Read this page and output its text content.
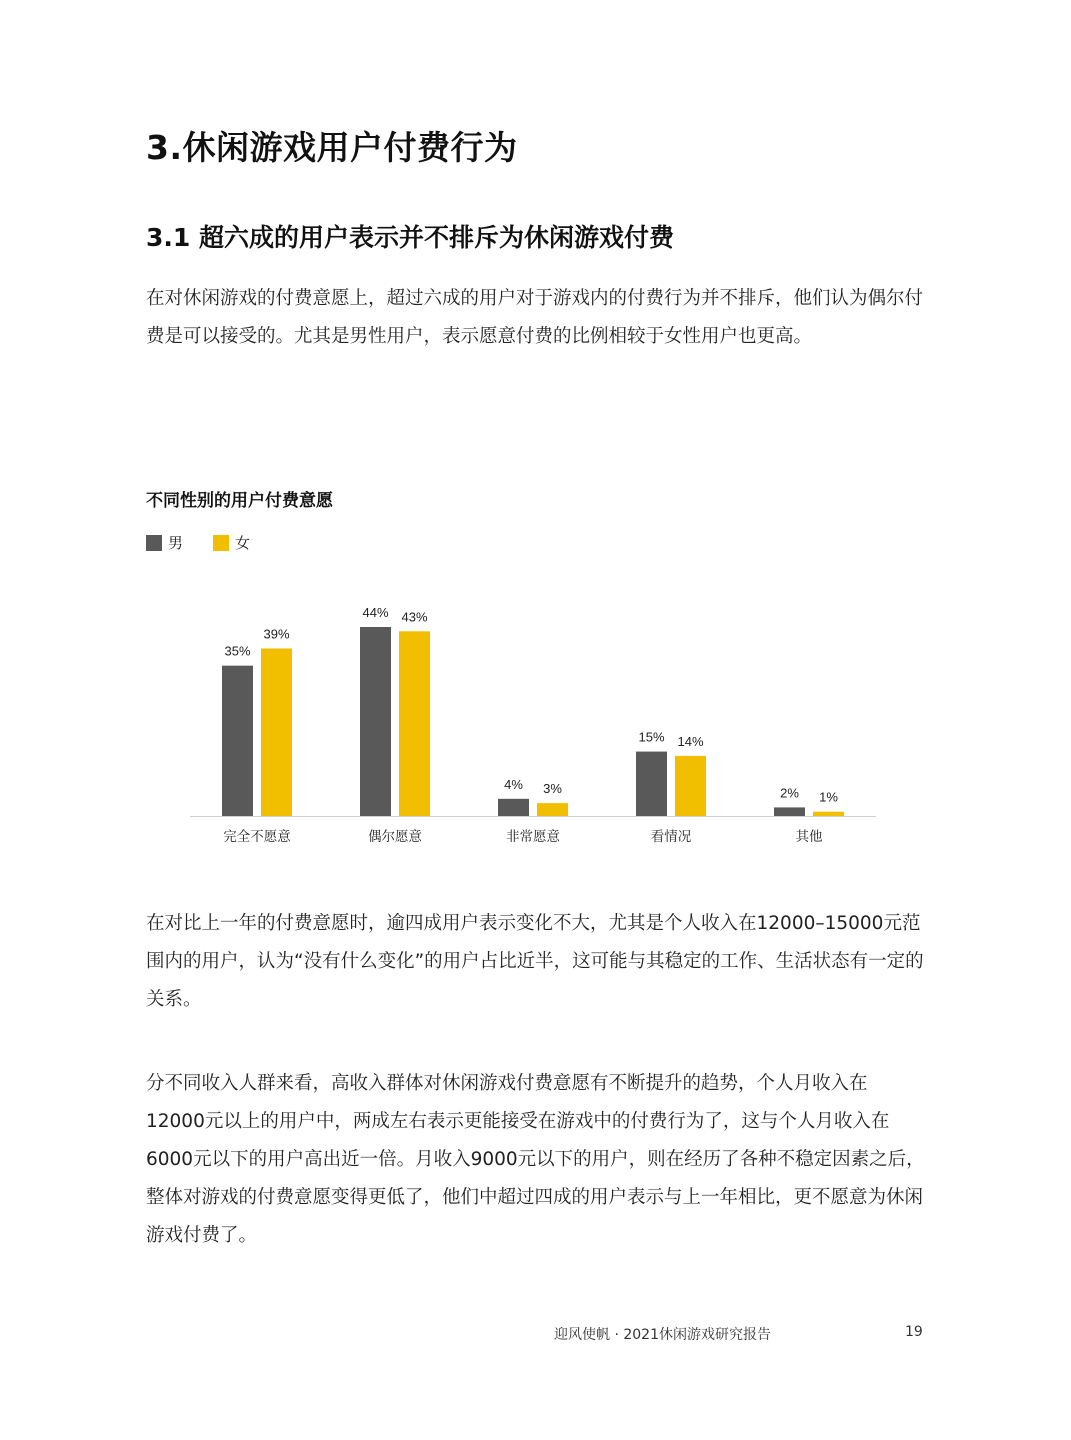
3.休闲游戏用户付费行为
3.1 超六成的用户表示并不排斥为休闲游戏付费
在对休闲游戏的付费意愿上，超过六成的用户对于游戏内的付费行为并不排斥，他们认为偶尔付费是可以接受的。尤其是男性用户，表示愿意付费的比例相较于女性用户也更高。
不同性别的用户付费意愿
男	女
35%
39%
完全不愿意
44% 43%
偶尔愿意
4% 3%
非常愿意
15% 14%
看情况
2% 1%
其他
在对比上一年的付费意愿时，逾四成用户表示变化不大，尤其是个人收入在12000–15000元范围内的用户，认为“没有什么变化”的用户占比近半，这可能与其稳定的工作、生活状态有一定的关系。
分不同收入人群来看，高收入群体对休闲游戏付费意愿有不断提升的趋势，个人月收入在12000元以上的用户中，两成左右表示更能接受在游戏中的付费行为了，这与个人月收入在6000元以下的用户高出近一倍。月收入9000元以下的用户，则在经历了各种不稳定因素之后，整体对游戏的付费意愿变得更低了，他们中超过四成的用户表示与上一年相比，更不愿意为休闲游戏付费了。
迎风使帆 · 2021休闲游戏研究报告	19
